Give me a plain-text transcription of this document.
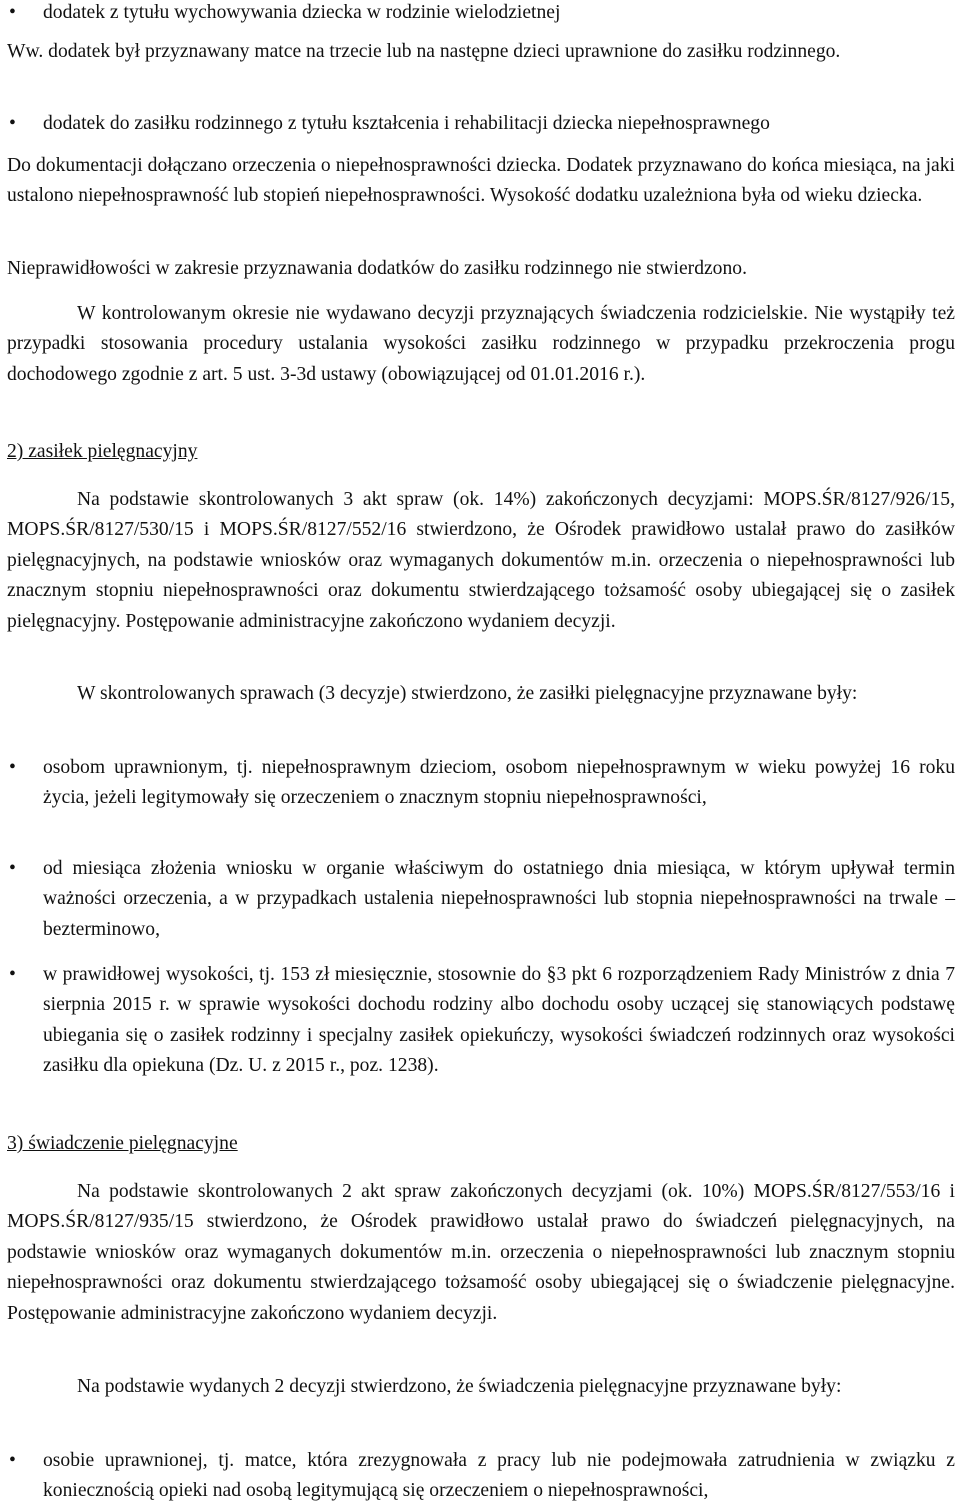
• dodatek z tytułu wychowywania dziecka w rodzinie wielodzietnej

Ww. dodatek był przyznawany matce na trzecie lub na następne dzieci uprawnione do zasiłku rodzinnego.

• dodatek do zasiłku rodzinnego z tytułu kształcenia i rehabilitacji dziecka niepełnosprawnego

Do dokumentacji dołączano orzeczenia o niepełnosprawności dziecka. Dodatek przyznawano do końca miesiąca, na jaki ustalono niepełnosprawność lub stopień niepełnosprawności. Wysokość dodatku uzależniona była od wieku dziecka.

Nieprawidłowości w zakresie przyznawania dodatków do zasiłku rodzinnego nie stwierdzono.

W kontrolowanym okresie nie wydawano decyzji przyznających świadczenia rodzicielskie. Nie wystąpiły też przypadki stosowania procedury ustalania wysokości zasiłku rodzinnego w przypadku przekroczenia progu dochodowego zgodnie z art. 5 ust. 3-3d ustawy (obowiązującej od 01.01.2016 r.).

2) zasiłek pielęgnacyjny

Na podstawie skontrolowanych 3 akt spraw (ok. 14%) zakończonych decyzjami: MOPS.ŚR/8127/926/15, MOPS.ŚR/8127/530/15 i MOPS.ŚR/8127/552/16 stwierdzono, że Ośrodek prawidłowo ustalał prawo do zasiłków pielęgnacyjnych, na podstawie wniosków oraz wymaganych dokumentów m.in. orzeczenia o niepełnosprawności lub znacznym stopniu niepełnosprawności oraz dokumentu stwierdzającego tożsamość osoby ubiegającej się o zasiłek pielęgnacyjny. Postępowanie administracyjne zakończono wydaniem decyzji.

W skontrolowanych sprawach (3 decyzje) stwierdzono, że zasiłki pielęgnacyjne przyznawane były:

• osobom uprawnionym, tj. niepełnosprawnym dzieciom, osobom niepełnosprawnym w wieku powyżej 16 roku życia, jeżeli legitymowały się orzeczeniem o znacznym stopniu niepełnosprawności,
• od miesiąca złożenia wniosku w organie właściwym do ostatniego dnia miesiąca, w którym upływał termin ważności orzeczenia, a w przypadkach ustalenia niepełnosprawności lub stopnia niepełnosprawności na trwale – bezterminowo,
• w prawidłowej wysokości, tj. 153 zł miesięcznie, stosownie do §3 pkt 6 rozporządzeniem Rady Ministrów z dnia 7 sierpnia 2015 r. w sprawie wysokości dochodu rodziny albo dochodu osoby uczącej się stanowiących podstawę ubiegania się o zasiłek rodzinny i specjalny zasiłek opiekuńczy, wysokości świadczeń rodzinnych oraz wysokości zasiłku dla opiekuna (Dz. U. z 2015 r., poz. 1238).
3) świadczenie pielęgnacyjne

Na podstawie skontrolowanych 2 akt spraw zakończonych decyzjami (ok. 10%) MOPS.ŚR/8127/553/16 i MOPS.ŚR/8127/935/15 stwierdzono, że Ośrodek prawidłowo ustalał prawo do świadczeń pielęgnacyjnych, na podstawie wniosków oraz wymaganych dokumentów m.in. orzeczenia o niepełnosprawności lub znacznym stopniu niepełnosprawności oraz dokumentu stwierdzającego tożsamość osoby ubiegającej się o świadczenie pielęgnacyjne. Postępowanie administracyjne zakończono wydaniem decyzji.

Na podstawie wydanych 2 decyzji stwierdzono, że świadczenia pielęgnacyjne przyznawane były:

• osobie uprawnionej, tj. matce, która zrezygnowała z pracy lub nie podejmowała zatrudnienia w związku z koniecznością opieki nad osobą legitymującą się orzeczeniem o niepełnosprawności,
